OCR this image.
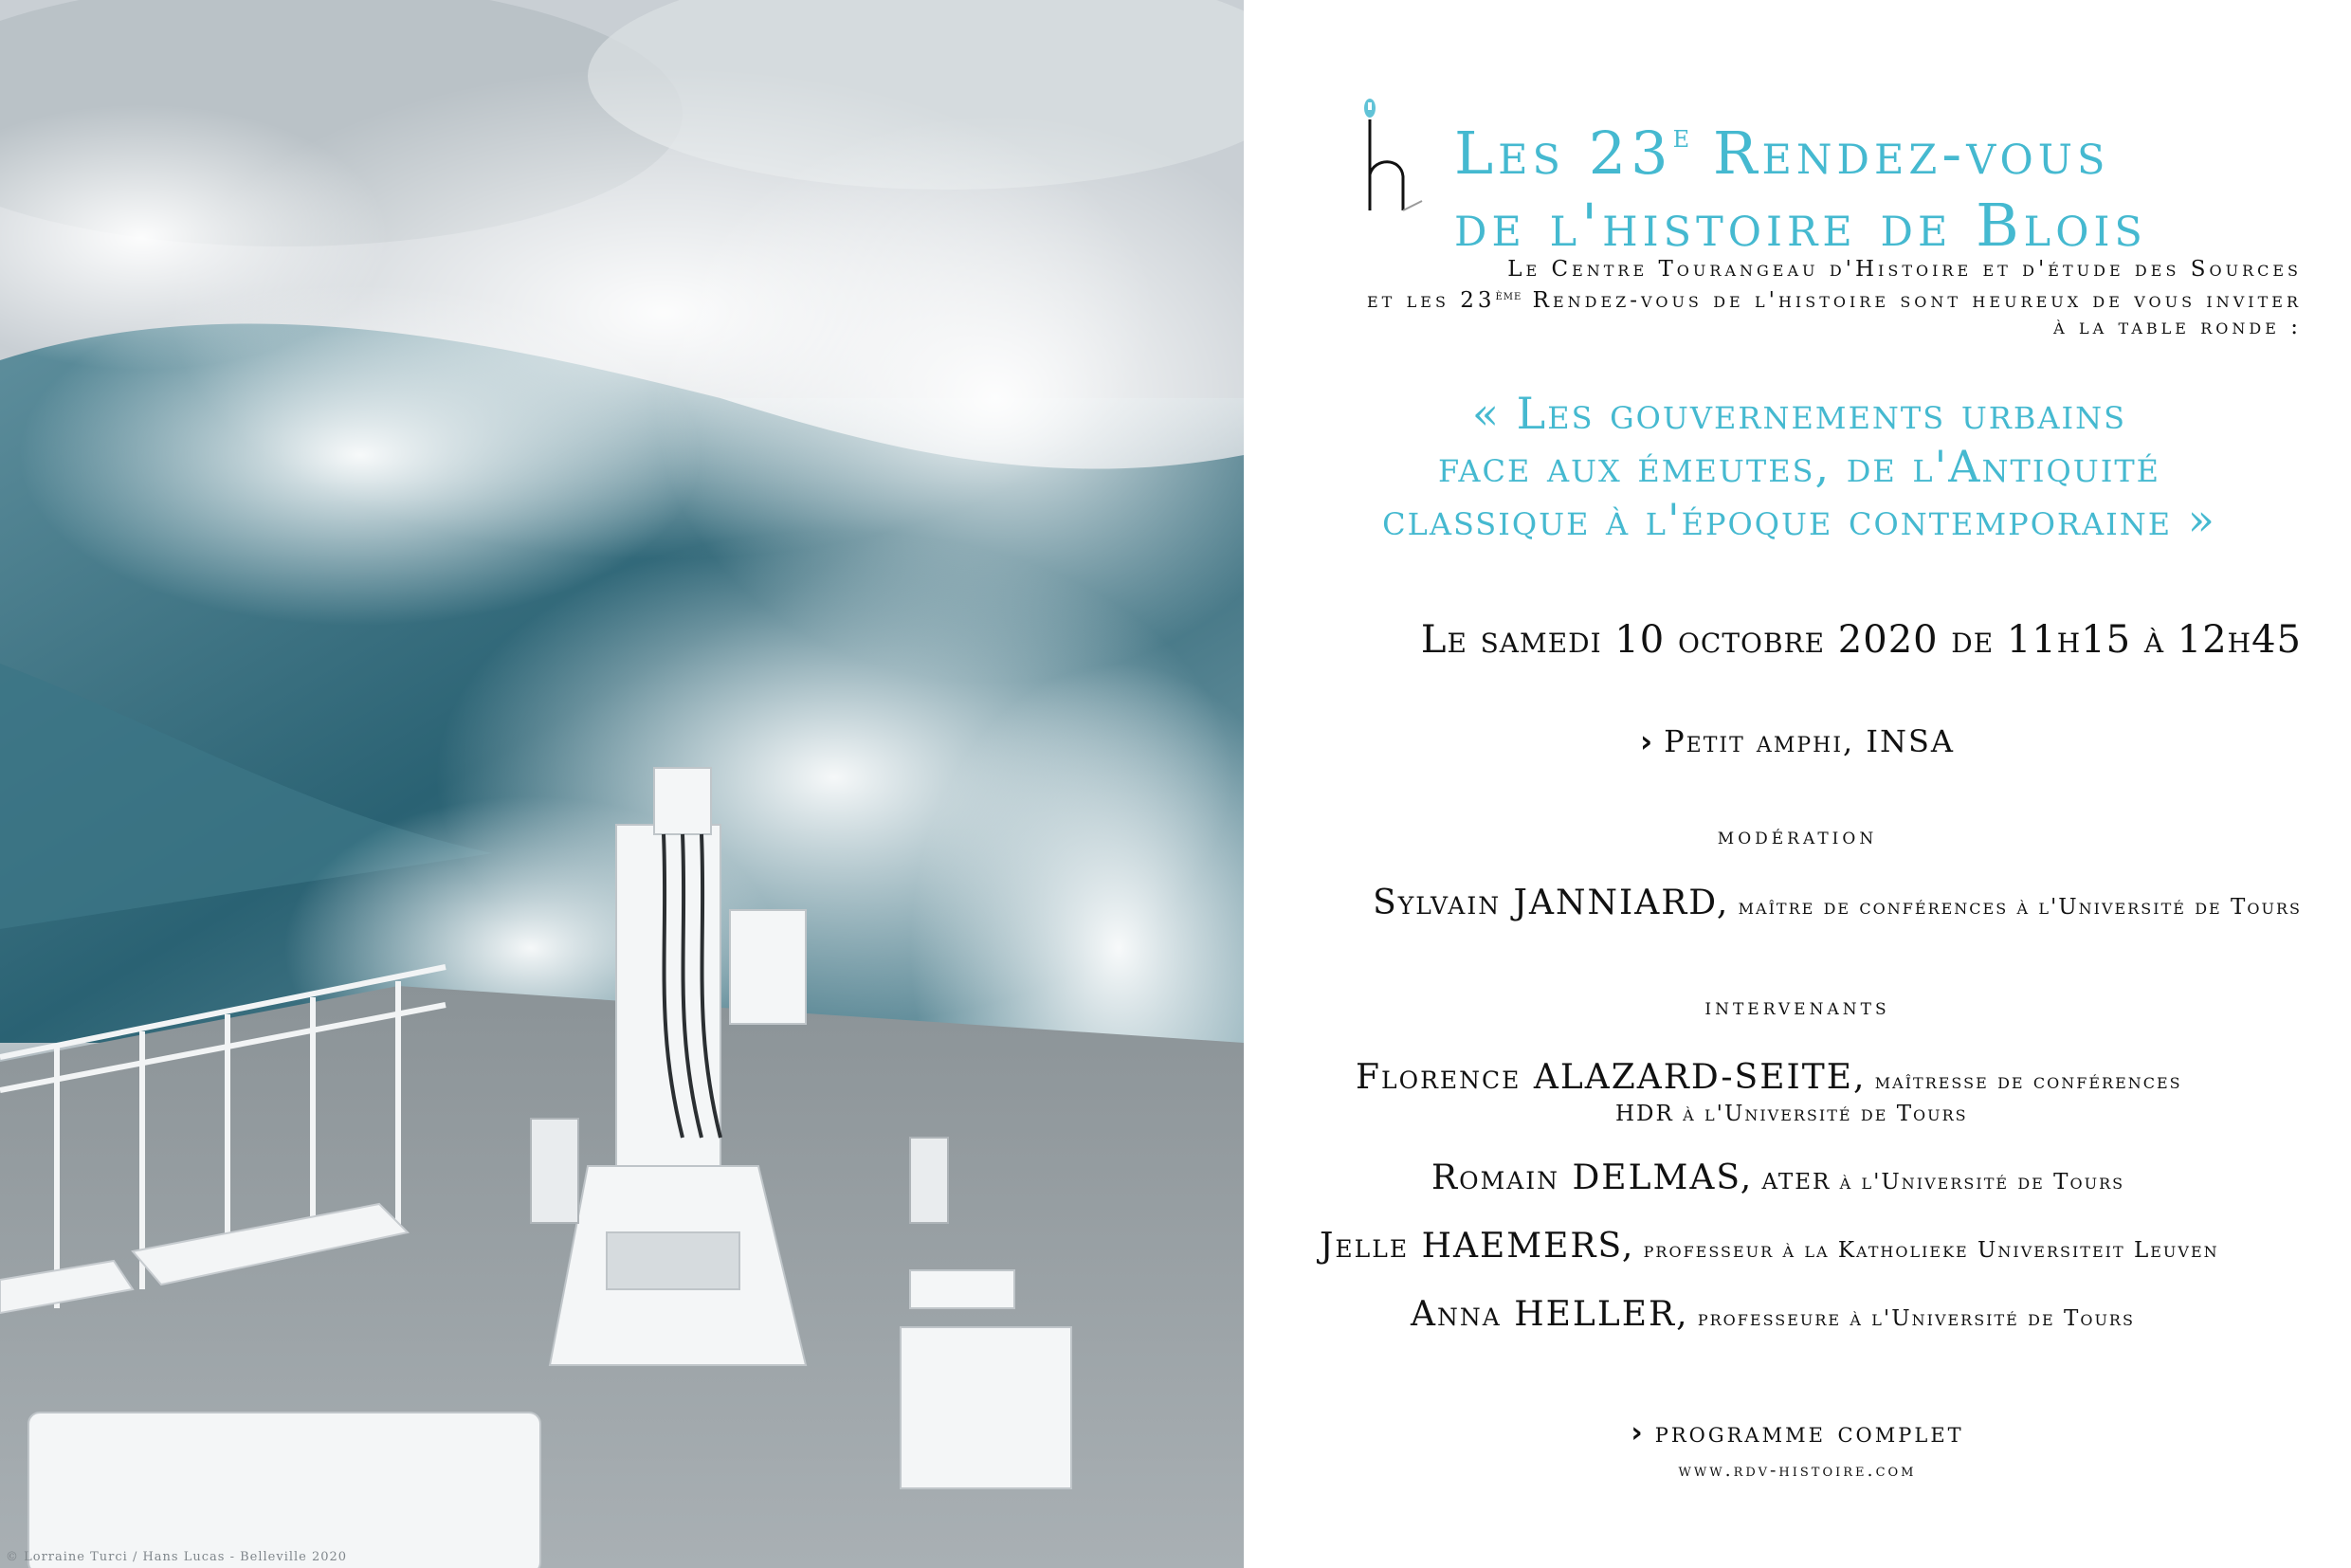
© Lorraine Turci / Hans Lucas - Belleville 2020
Les 23e Rendez-vous
de l'histoire de Blois
Le Centre Tourangeau d'Histoire et d'étude des Sources
et les 23ème Rendez-vous de l'histoire sont heureux de vous inviter
à la table ronde :
« Les gouvernements urbains
face aux émeutes, de l'Antiquité
classique à l'époque contemporaine »
Le samedi 10 octobre 2020 de 11h15 à 12h45
› Petit amphi, INSA
modération
Sylvain JANNIARD, maître de conférences à l'Université de Tours
intervenants
Florence ALAZARD-SEITE, maîtresse de conférences
HDR à l'Université de Tours
Romain DELMAS, ATER à l'Université de Tours
Jelle HAEMERS, professeur à la Katholieke Universiteit Leuven
Anna HELLER, professeure à l'Université de Tours
› programme complet
www.rdv-histoire.com
